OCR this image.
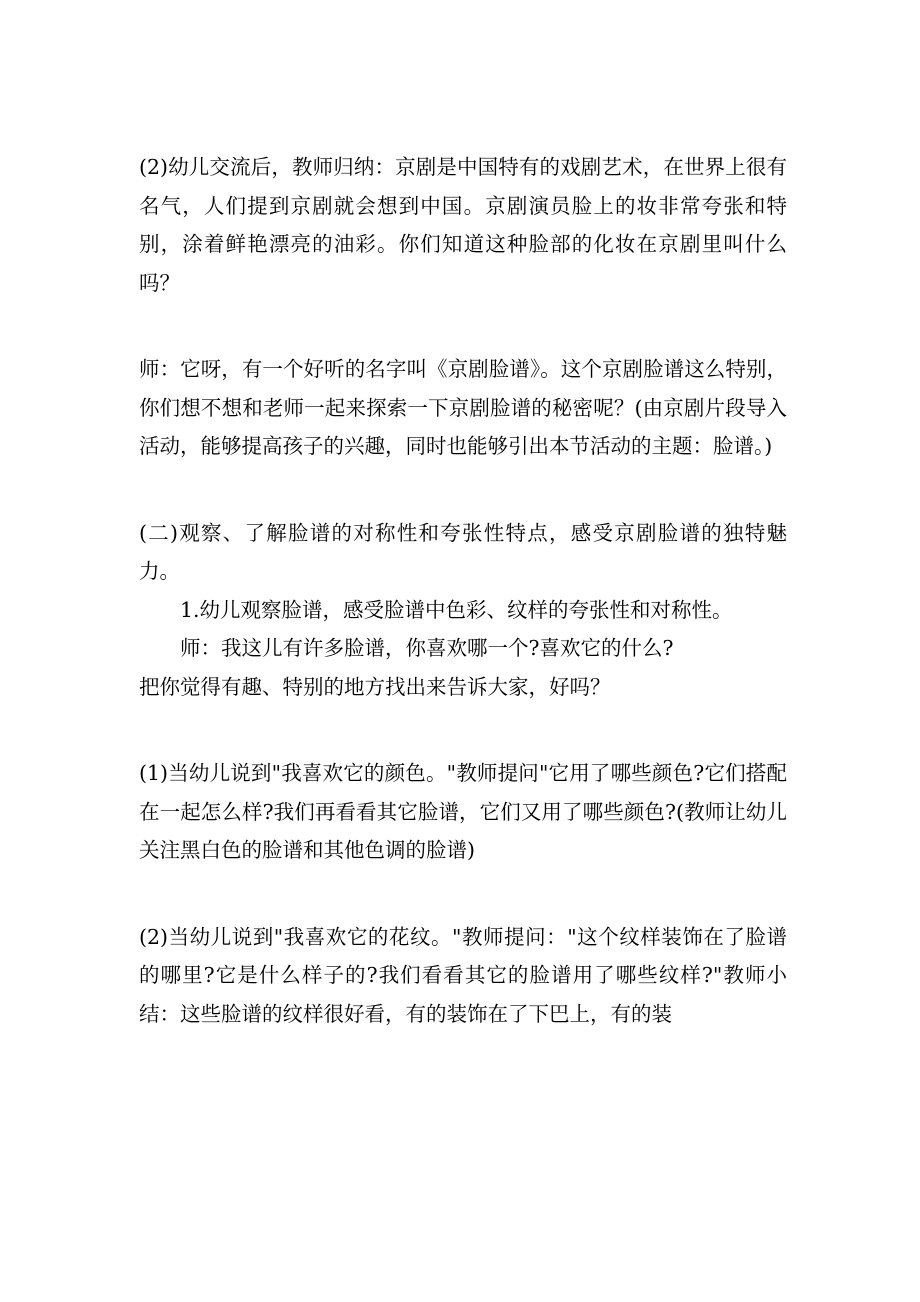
(2)幼儿交流后，教师归纳：京剧是中国特有的戏剧艺术，在世界上很有名气，人们提到京剧就会想到中国。京剧演员脸上的妆非常夸张和特别，涂着鲜艳漂亮的油彩。你们知道这种脸部的化妆在京剧里叫什么吗？

师：它呀，有一个好听的名字叫《京剧脸谱》。这个京剧脸谱这么特别，你们想不想和老师一起来探索一下京剧脸谱的秘密呢？(由京剧片段导入活动，能够提高孩子的兴趣，同时也能够引出本节活动的主题：脸谱。)

(二)观察、了解脸谱的对称性和夸张性特点，感受京剧脸谱的独特魅力。

1.幼儿观察脸谱，感受脸谱中色彩、纹样的夸张性和对称性。

师：我这儿有许多脸谱，你喜欢哪一个?喜欢它的什么?
把你觉得有趣、特别的地方找出来告诉大家，好吗？

(1)当幼儿说到"我喜欢它的颜色。"教师提问"它用了哪些颜色?它们搭配在一起怎么样?我们再看看其它脸谱，它们又用了哪些颜色?(教师让幼儿关注黑白色的脸谱和其他色调的脸谱)

(2)当幼儿说到"我喜欢它的花纹。"教师提问："这个纹样装饰在了脸谱的哪里?它是什么样子的?我们看看其它的脸谱用了哪些纹样?"教师小结：这些脸谱的纹样很好看，有的装饰在了下巴上，有的装
